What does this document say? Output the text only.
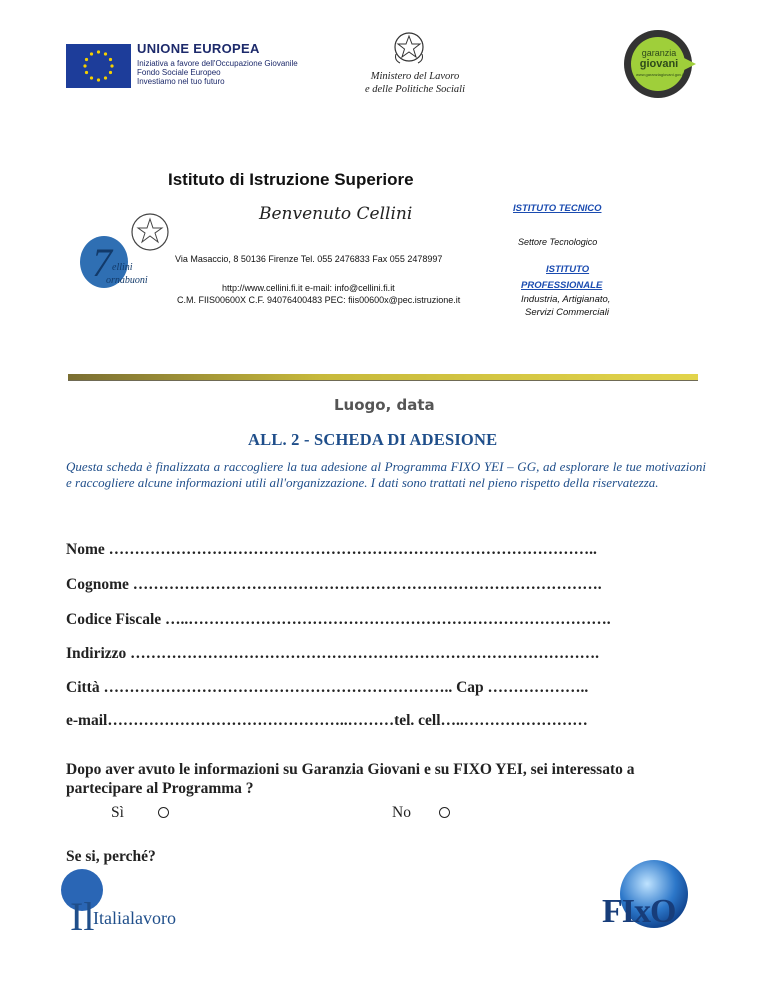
UNIONE EUROPEA
Iniziativa a favore dell'Occupazione Giovanile
Fondo Sociale Europeo
Investiamo nel tuo futuro	Ministero del Lavoro
e delle Politiche Sociali
garanzia
giovani
www.garanziagiovani.gov.it
Istituto di Istruzione Superiore
Benvenuto Cellini
7 ellini
ornabuoni
Via Masaccio, 8 50136 Firenze Tel. 055 2476833 Fax 055 2478997
http://www.cellini.fi.it e-mail: info@cellini.fi.it
C.M. FIIS00600X C.F. 94076400483 PEC: fiis00600x@pec.istruzione.it
ISTITUTO TECNICO
Settore Tecnologico
ISTITUTO
PROFESSIONALE
Industria, Artigianato,
Servizi Commerciali
Luogo, data
ALL. 2 - SCHEDA DI ADESIONE
Questa scheda è finalizzata a raccogliere la tua adesione al Programma FIXO YEI – GG, ad esplorare le tue motivazioni e raccogliere alcune informazioni utili all'organizzazione. I dati sono trattati nel pieno rispetto della riservatezza.
Nome …………………………………………………………………………………..
Cognome ……………………………………………………………………………….
Codice Fiscale …..……………………………………………………………………….
Indirizzo ……………………………………………………………………………….
Città ………………………………………………………….. Cap ………………..
e-mail………………………………………..………tel. cell…..……………………
Dopo aver avuto le informazioni su Garanzia Giovani e su FIXO YEI, sei interessato a partecipare al Programma ?
Sì	No
Se si, perché?
Il
Italialavoro	FIxO
